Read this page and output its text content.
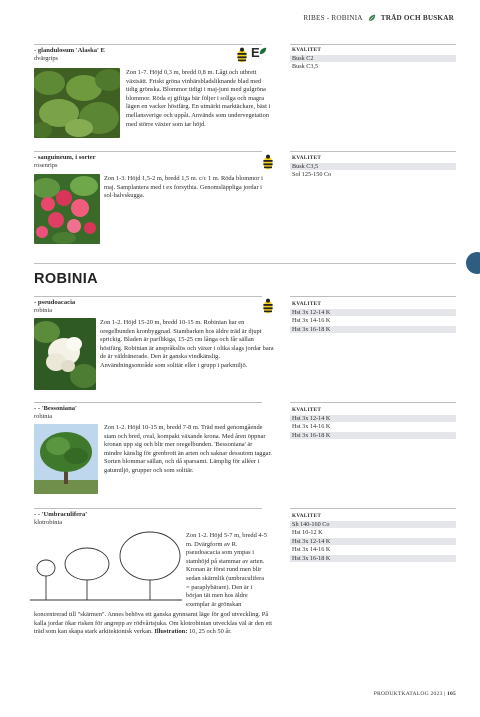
RIBES - ROBINIA	TRÄD OCH BUSKAR
- glandulosum 'Alaska' E
dvärgrips	E
Zon 1-7. Höjd 0,3 m, bredd 0,8 m. Lågt och utbrett växtsätt. Friskt gröna vinbärsbladsliknande blad med tidig grönska. Blommor tidigt i maj-juni med gulgröna blommor. Röda ej giftiga bär följer i sollga och magra lägen en vacker höstfärg. En utmärkt marktäckare, bäst i mellansverige och uppåt. Används som undervegetation med större växter som tar höjd.
KVALITET
Busk C2
Busk C3,5
- sanguineum, i sorter
rosenrips
Zon 1-3. Höjd 1,5-2 m, bredd 1,5 m. c/c 1 m. Röda blommor i maj. Samplantera med t ex forsythia. Genomsläppliga jordar i sol-halvskugga.
KVALITET
Busk C3,5
Sol 125-150 Co
ROBINIA
- pseudoacacia
robinia
Zon 1-2. Höjd 15-20 m, bredd 10-15 m. Robinian har en oregelbunden kronbyggnad. Stambarken hos äldre träd är djupt sprickig. Bladen är parflikiga, 15-25 cm långa och får sällan höstfärg. Robinian är anspråkslös och växer i olika slags jordar bara de är väldränerade. Den är ganska vindkänslig. Användningsområde som solitär eller i grupp i parkmiljö.
KVALITET
Hst 3x 12-14 K
Hst 3x 14-16 K
Hst 3x 16-18 K
- - 'Bessoniana'
robinia
Zon 1-2. Höjd 10-15 m, bredd 7-8 m. Träd med genomgående stam och bred, oval, kompakt växande krona. Med åren öppnar kronan upp sig och blir mer oregelbunden. 'Bessoniana' är mindre känslig för grenbrott än arten och saknar dessutom taggar. Sorten blommar sällan, och då sparsamt. Lämplig för alléer i gatumiljö, grupper och som solitär.
KVALITET
Hst 3x 12-14 K
Hst 3x 14-16 K
Hst 3x 16-18 K
- - 'Umbraculifera'
klotrobinia
Zon 1-2. Höjd 5-7 m, bredd 4-5
m. Dvärgform av R.
pseudoacacia som ympas i
stamhöjd på stammar av arten.
Kronan är först rund men blir
sedan skärmlik (umbraculifera
= paraplybärare). Den är i
början tät men hos äldre
exemplar är grönskan
koncentrerad till "skärmen". Annes behöva ett ganska gynnsamt läge för god utveckling. På kalla jordar ökar risken för angrepp av rödvårtsjuka. Om klotrobinian utvecklas väl är den ett träd som kan skapa stark arkitektonisk verkan. Illustration: 10, 25 och 50 år.
KVALITET
Sh 140-160 Co
Hst 10-12 K
Hst 3x 12-14 K
Hst 3x 14-16 K
Hst 3x 16-18 K
PRODUKTKATALOG 2023 | 105
